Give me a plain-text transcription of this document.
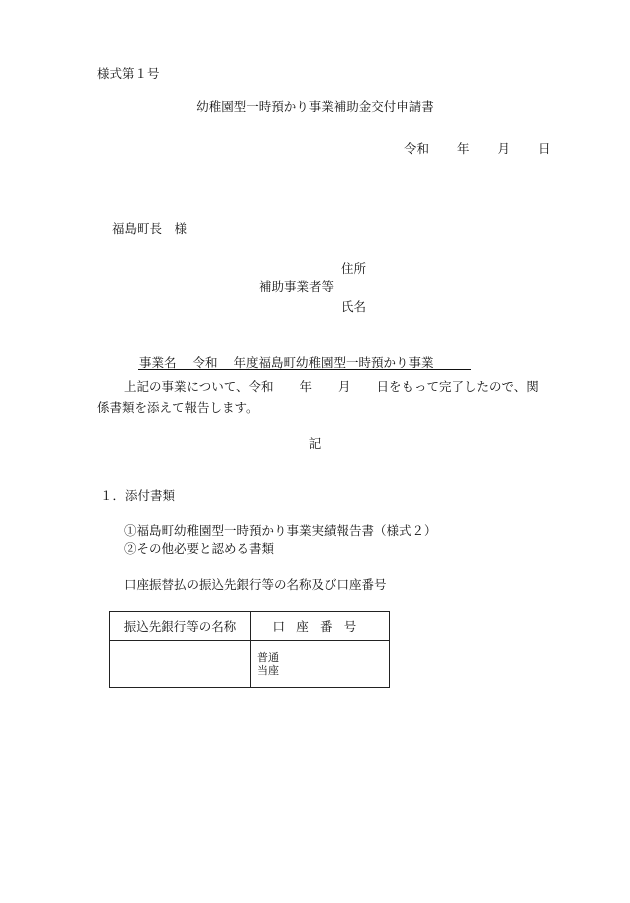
様式第１号
幼稚園型一時預かり事業補助金交付申請書
令和 年 月 日
福島町長　様
住所
補助事業者等
氏名
事業名 令和 年度福島町幼稚園型一時預かり事業
上記の事業について、令和 年 月 日をもって完了したので、関
係書類を添えて報告します。
記
１．添付書類
①福島町幼稚園型一時預かり事業実績報告書（様式２）
②その他必要と認める書類
口座振替払の振込先銀行等の名称及び口座番号
振込先銀行等の名称	口座番号

	普通
当座
